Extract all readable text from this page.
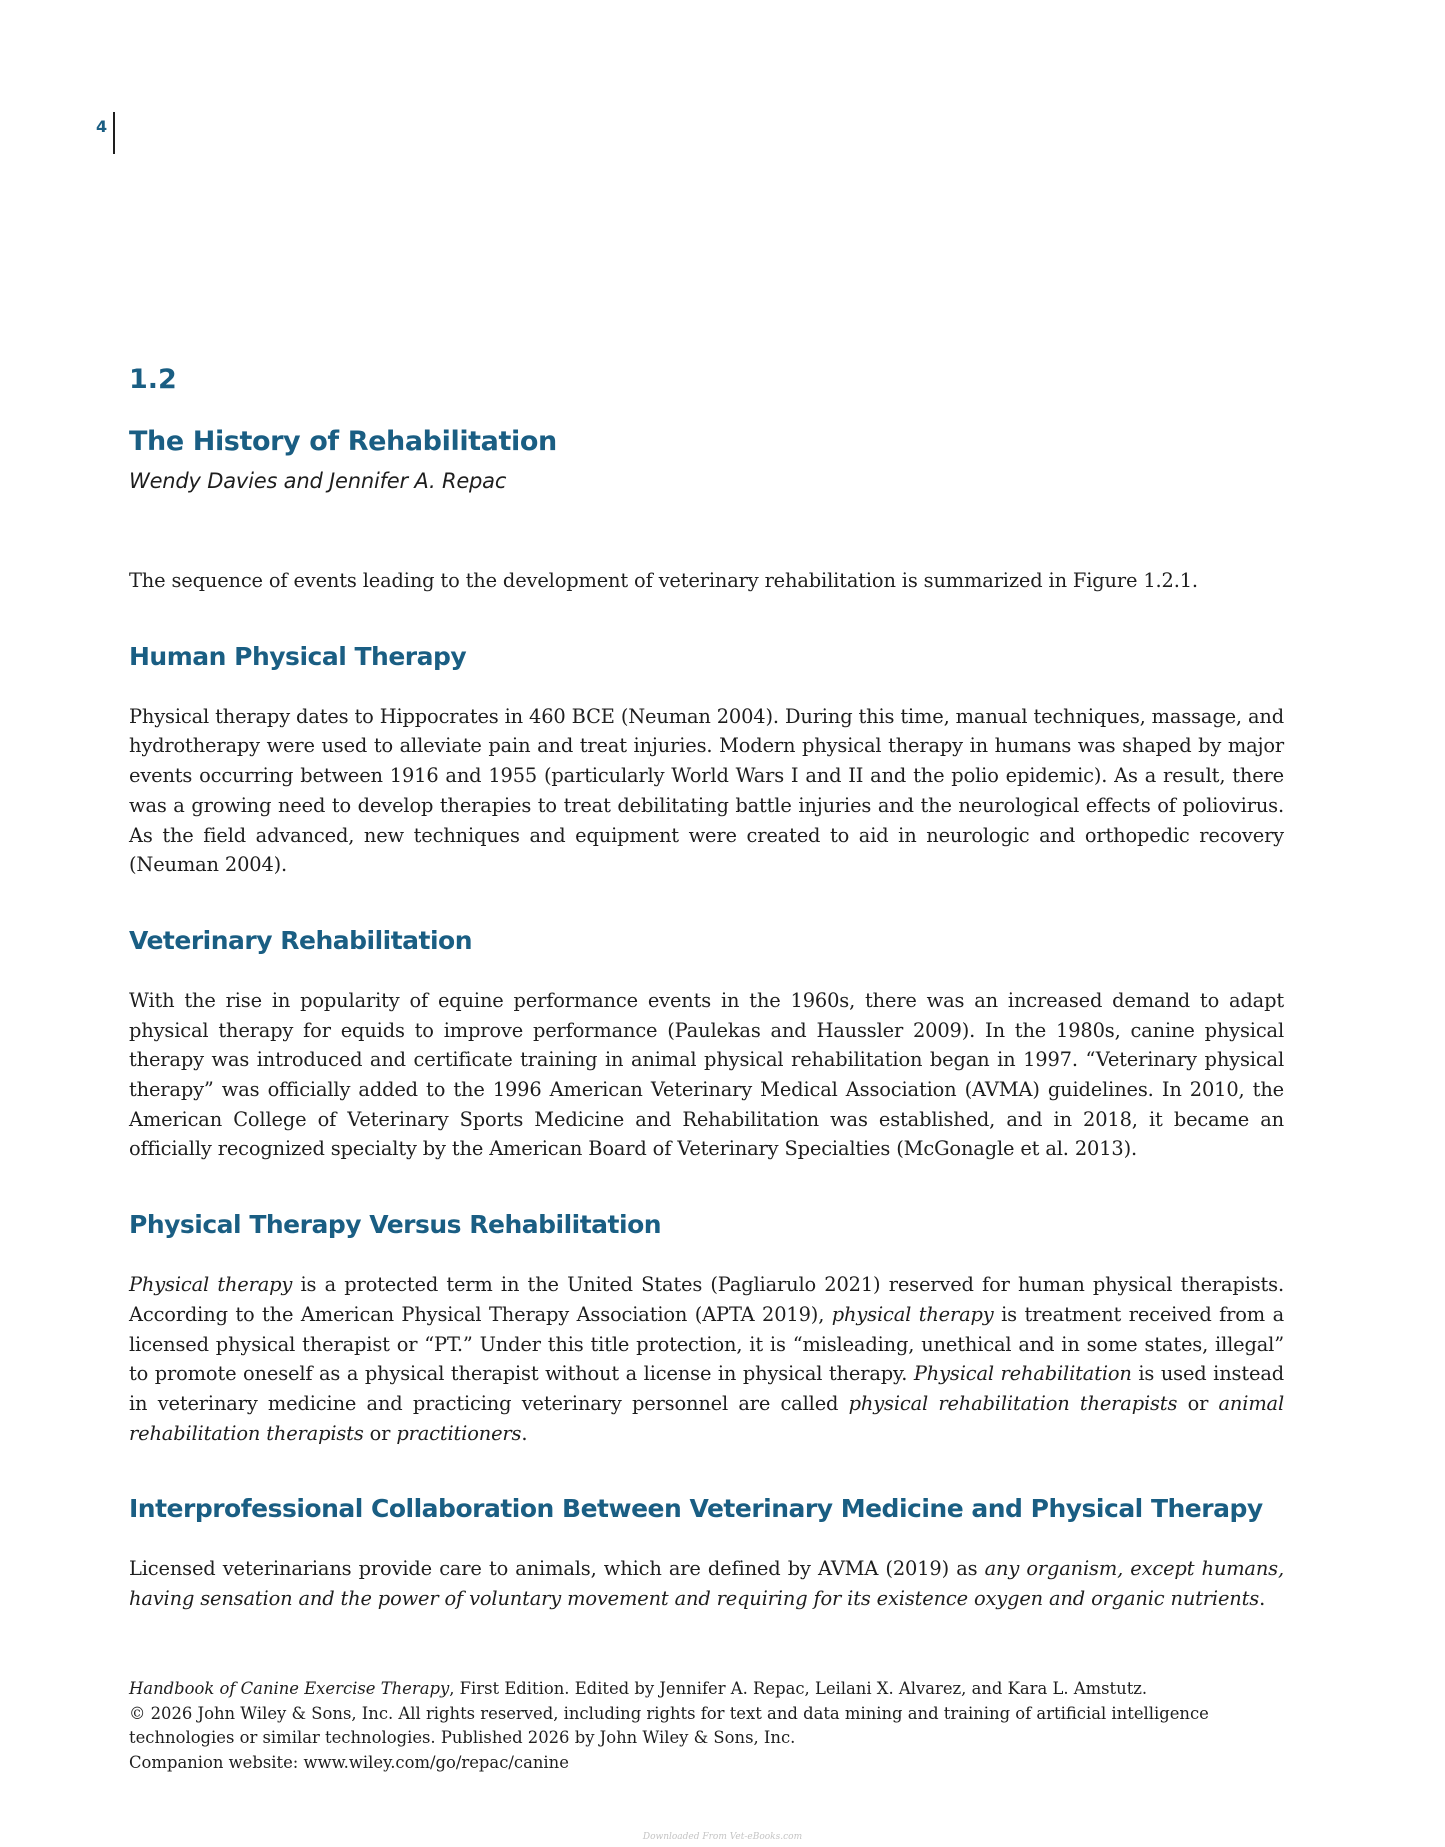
4
1.2
The History of Rehabilitation
Wendy Davies and Jennifer A. Repac

The sequence of events leading to the development of veterinary rehabilitation is summarized in Figure 1.2.1.

Human Physical Therapy

Physical therapy dates to Hippocrates in 460 BCE (Neuman 2004). During this time, manual techniques, massage, and hydrotherapy were used to alleviate pain and treat injuries. Modern physical therapy in humans was shaped by major events occurring between 1916 and 1955 (particularly World Wars I and II and the polio epidemic). As a result, there was a growing need to develop therapies to treat debilitating battle injuries and the neurological effects of poliovirus. As the field advanced, new techniques and equipment were created to aid in neurologic and orthopedic recovery (Neuman 2004).

Veterinary Rehabilitation

With the rise in popularity of equine performance events in the 1960s, there was an increased demand to adapt physical therapy for equids to improve performance (Paulekas and Haussler 2009). In the 1980s, canine physical therapy was introduced and certificate training in animal physical rehabilitation began in 1997. “Veterinary physical therapy” was officially added to the 1996 American Veterinary Medical Association (AVMA) guidelines. In 2010, the American College of Veterinary Sports Medicine and Rehabilitation was established, and in 2018, it became an officially recognized specialty by the American Board of Veterinary Specialties (McGonagle et al. 2013).

Physical Therapy Versus Rehabilitation

Physical therapy is a protected term in the United States (Pagliarulo 2021) reserved for human physical therapists. According to the American Physical Therapy Association (APTA 2019), physical therapy is treatment received from a licensed physical therapist or “PT.” Under this title protection, it is “misleading, unethical and in some states, illegal” to promote oneself as a physical therapist without a license in physical therapy. Physical rehabilitation is used instead in veterinary medicine and practicing veterinary personnel are called physical rehabilitation therapists or animal rehabilitation therapists or practitioners.

Interprofessional Collaboration Between Veterinary Medicine and Physical Therapy

Licensed veterinarians provide care to animals, which are defined by AVMA (2019) as any organism, except humans, having sensation and the power of voluntary movement and requiring for its existence oxygen and organic nutrients.

Handbook of Canine Exercise Therapy, First Edition. Edited by Jennifer A. Repac, Leilani X. Alvarez, and Kara L. Amstutz.
© 2026 John Wiley & Sons, Inc. All rights reserved, including rights for text and data mining and training of artificial intelligence
technologies or similar technologies. Published 2026 by John Wiley & Sons, Inc.
Companion website: www.wiley.com/go/repac/canine
Downloaded From Vet-eBooks.com
